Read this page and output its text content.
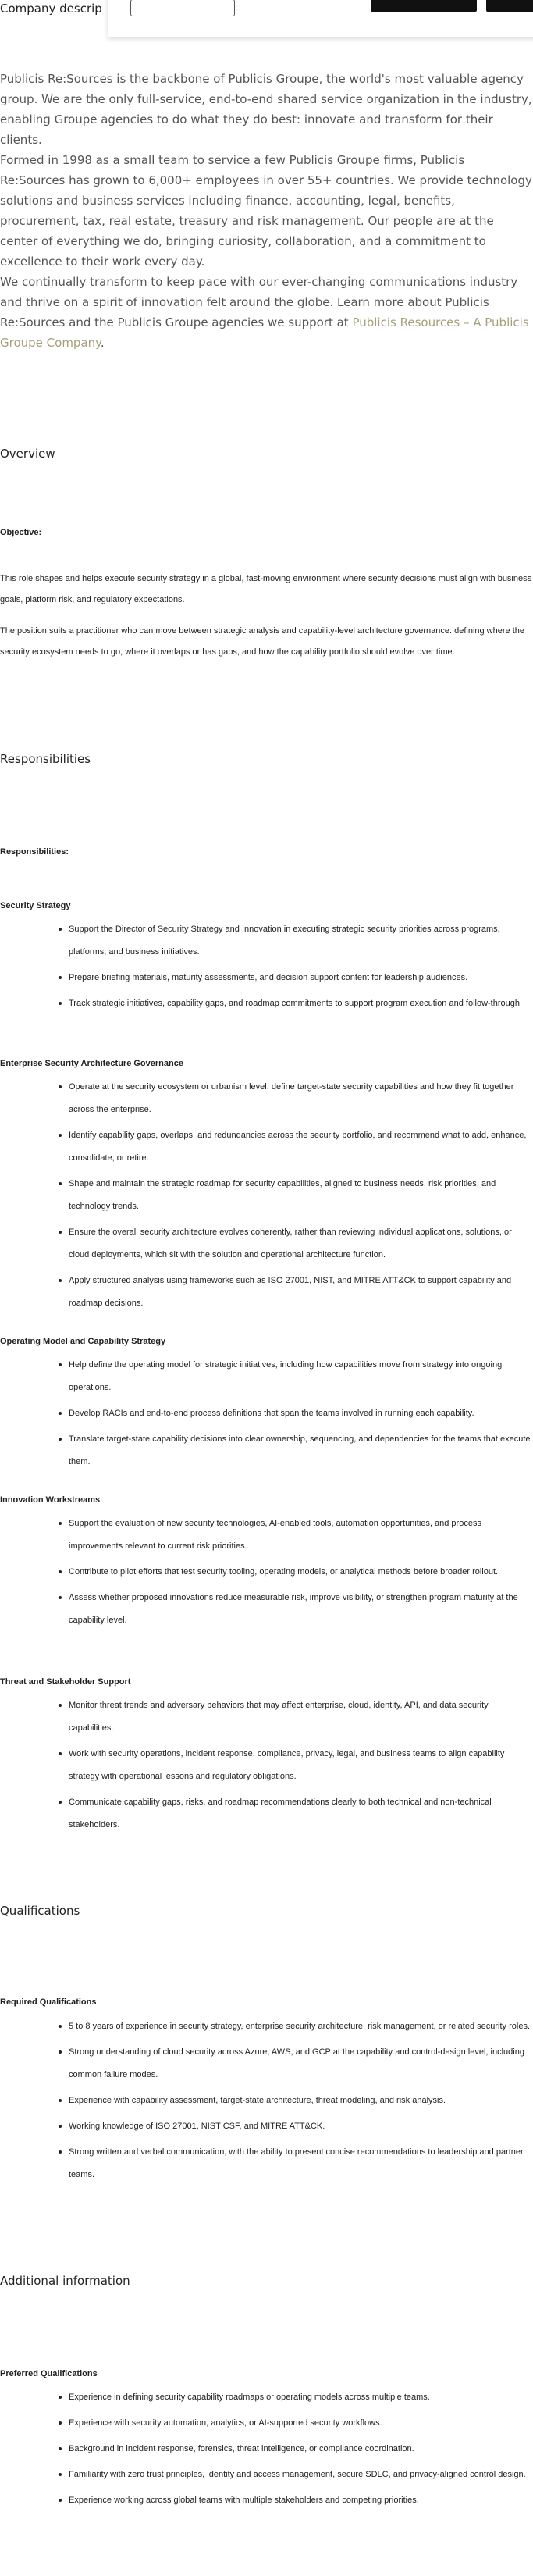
Company descrip

Publicis Re:Sources is the backbone of Publicis Groupe, the world's most valuable agency group. We are the only full-service, end-to-end shared service organization in the industry, enabling Groupe agencies to do what they do best: innovate and transform for their clients.

Formed in 1998 as a small team to service a few Publicis Groupe firms, Publicis Re:Sources has grown to 6,000+ employees in over 55+ countries. We provide technology solutions and business services including finance, accounting, legal, benefits, procurement, tax, real estate, treasury and risk management. Our people are at the center of everything we do, bringing curiosity, collaboration, and a commitment to excellence to their work every day.

We continually transform to keep pace with our ever-changing communications industry and thrive on a spirit of innovation felt around the globe. Learn more about Publicis Re:Sources and the Publicis Groupe agencies we support at Publicis Resources – A Publicis Groupe Company.

Overview
Objective:
This role shapes and helps execute security strategy in a global, fast-moving environment where security decisions must align with business goals, platform risk, and regulatory expectations.
The position suits a practitioner who can move between strategic analysis and capability-level architecture governance: defining where the security ecosystem needs to go, where it overlaps or has gaps, and how the capability portfolio should evolve over time.
Responsibilities
Responsibilities:
Security Strategy
Support the Director of Security Strategy and Innovation in executing strategic security priorities across programs, platforms, and business initiatives.
Prepare briefing materials, maturity assessments, and decision support content for leadership audiences.
Track strategic initiatives, capability gaps, and roadmap commitments to support program execution and follow-through.
Enterprise Security Architecture Governance
Operate at the security ecosystem or urbanism level: define target-state security capabilities and how they fit together across the enterprise.
Identify capability gaps, overlaps, and redundancies across the security portfolio, and recommend what to add, enhance, consolidate, or retire.
Shape and maintain the strategic roadmap for security capabilities, aligned to business needs, risk priorities, and technology trends.
Ensure the overall security architecture evolves coherently, rather than reviewing individual applications, solutions, or cloud deployments, which sit with the solution and operational architecture function.
Apply structured analysis using frameworks such as ISO 27001, NIST, and MITRE ATT&CK to support capability and roadmap decisions.
Operating Model and Capability Strategy
Help define the operating model for strategic initiatives, including how capabilities move from strategy into ongoing operations.
Develop RACIs and end-to-end process definitions that span the teams involved in running each capability.
Translate target-state capability decisions into clear ownership, sequencing, and dependencies for the teams that execute them.
Innovation Workstreams
Support the evaluation of new security technologies, AI-enabled tools, automation opportunities, and process improvements relevant to current risk priorities.
Contribute to pilot efforts that test security tooling, operating models, or analytical methods before broader rollout.
Assess whether proposed innovations reduce measurable risk, improve visibility, or strengthen program maturity at the capability level.
Threat and Stakeholder Support
Monitor threat trends and adversary behaviors that may affect enterprise, cloud, identity, API, and data security capabilities.
Work with security operations, incident response, compliance, privacy, legal, and business teams to align capability strategy with operational lessons and regulatory obligations.
Communicate capability gaps, risks, and roadmap recommendations clearly to both technical and non-technical stakeholders.
Qualifications
Required Qualifications
5 to 8 years of experience in security strategy, enterprise security architecture, risk management, or related security roles.
Strong understanding of cloud security across Azure, AWS, and GCP at the capability and control-design level, including common failure modes.
Experience with capability assessment, target-state architecture, threat modeling, and risk analysis.
Working knowledge of ISO 27001, NIST CSF, and MITRE ATT&CK.
Strong written and verbal communication, with the ability to present concise recommendations to leadership and partner teams.
Additional information
Preferred Qualifications
Experience in defining security capability roadmaps or operating models across multiple teams.
Experience with security automation, analytics, or AI-supported security workflows.
Background in incident response, forensics, threat intelligence, or compliance coordination.
Familiarity with zero trust principles, identity and access management, secure SDLC, and privacy-aligned control design.
Experience working across global teams with multiple stakeholders and competing priorities.
